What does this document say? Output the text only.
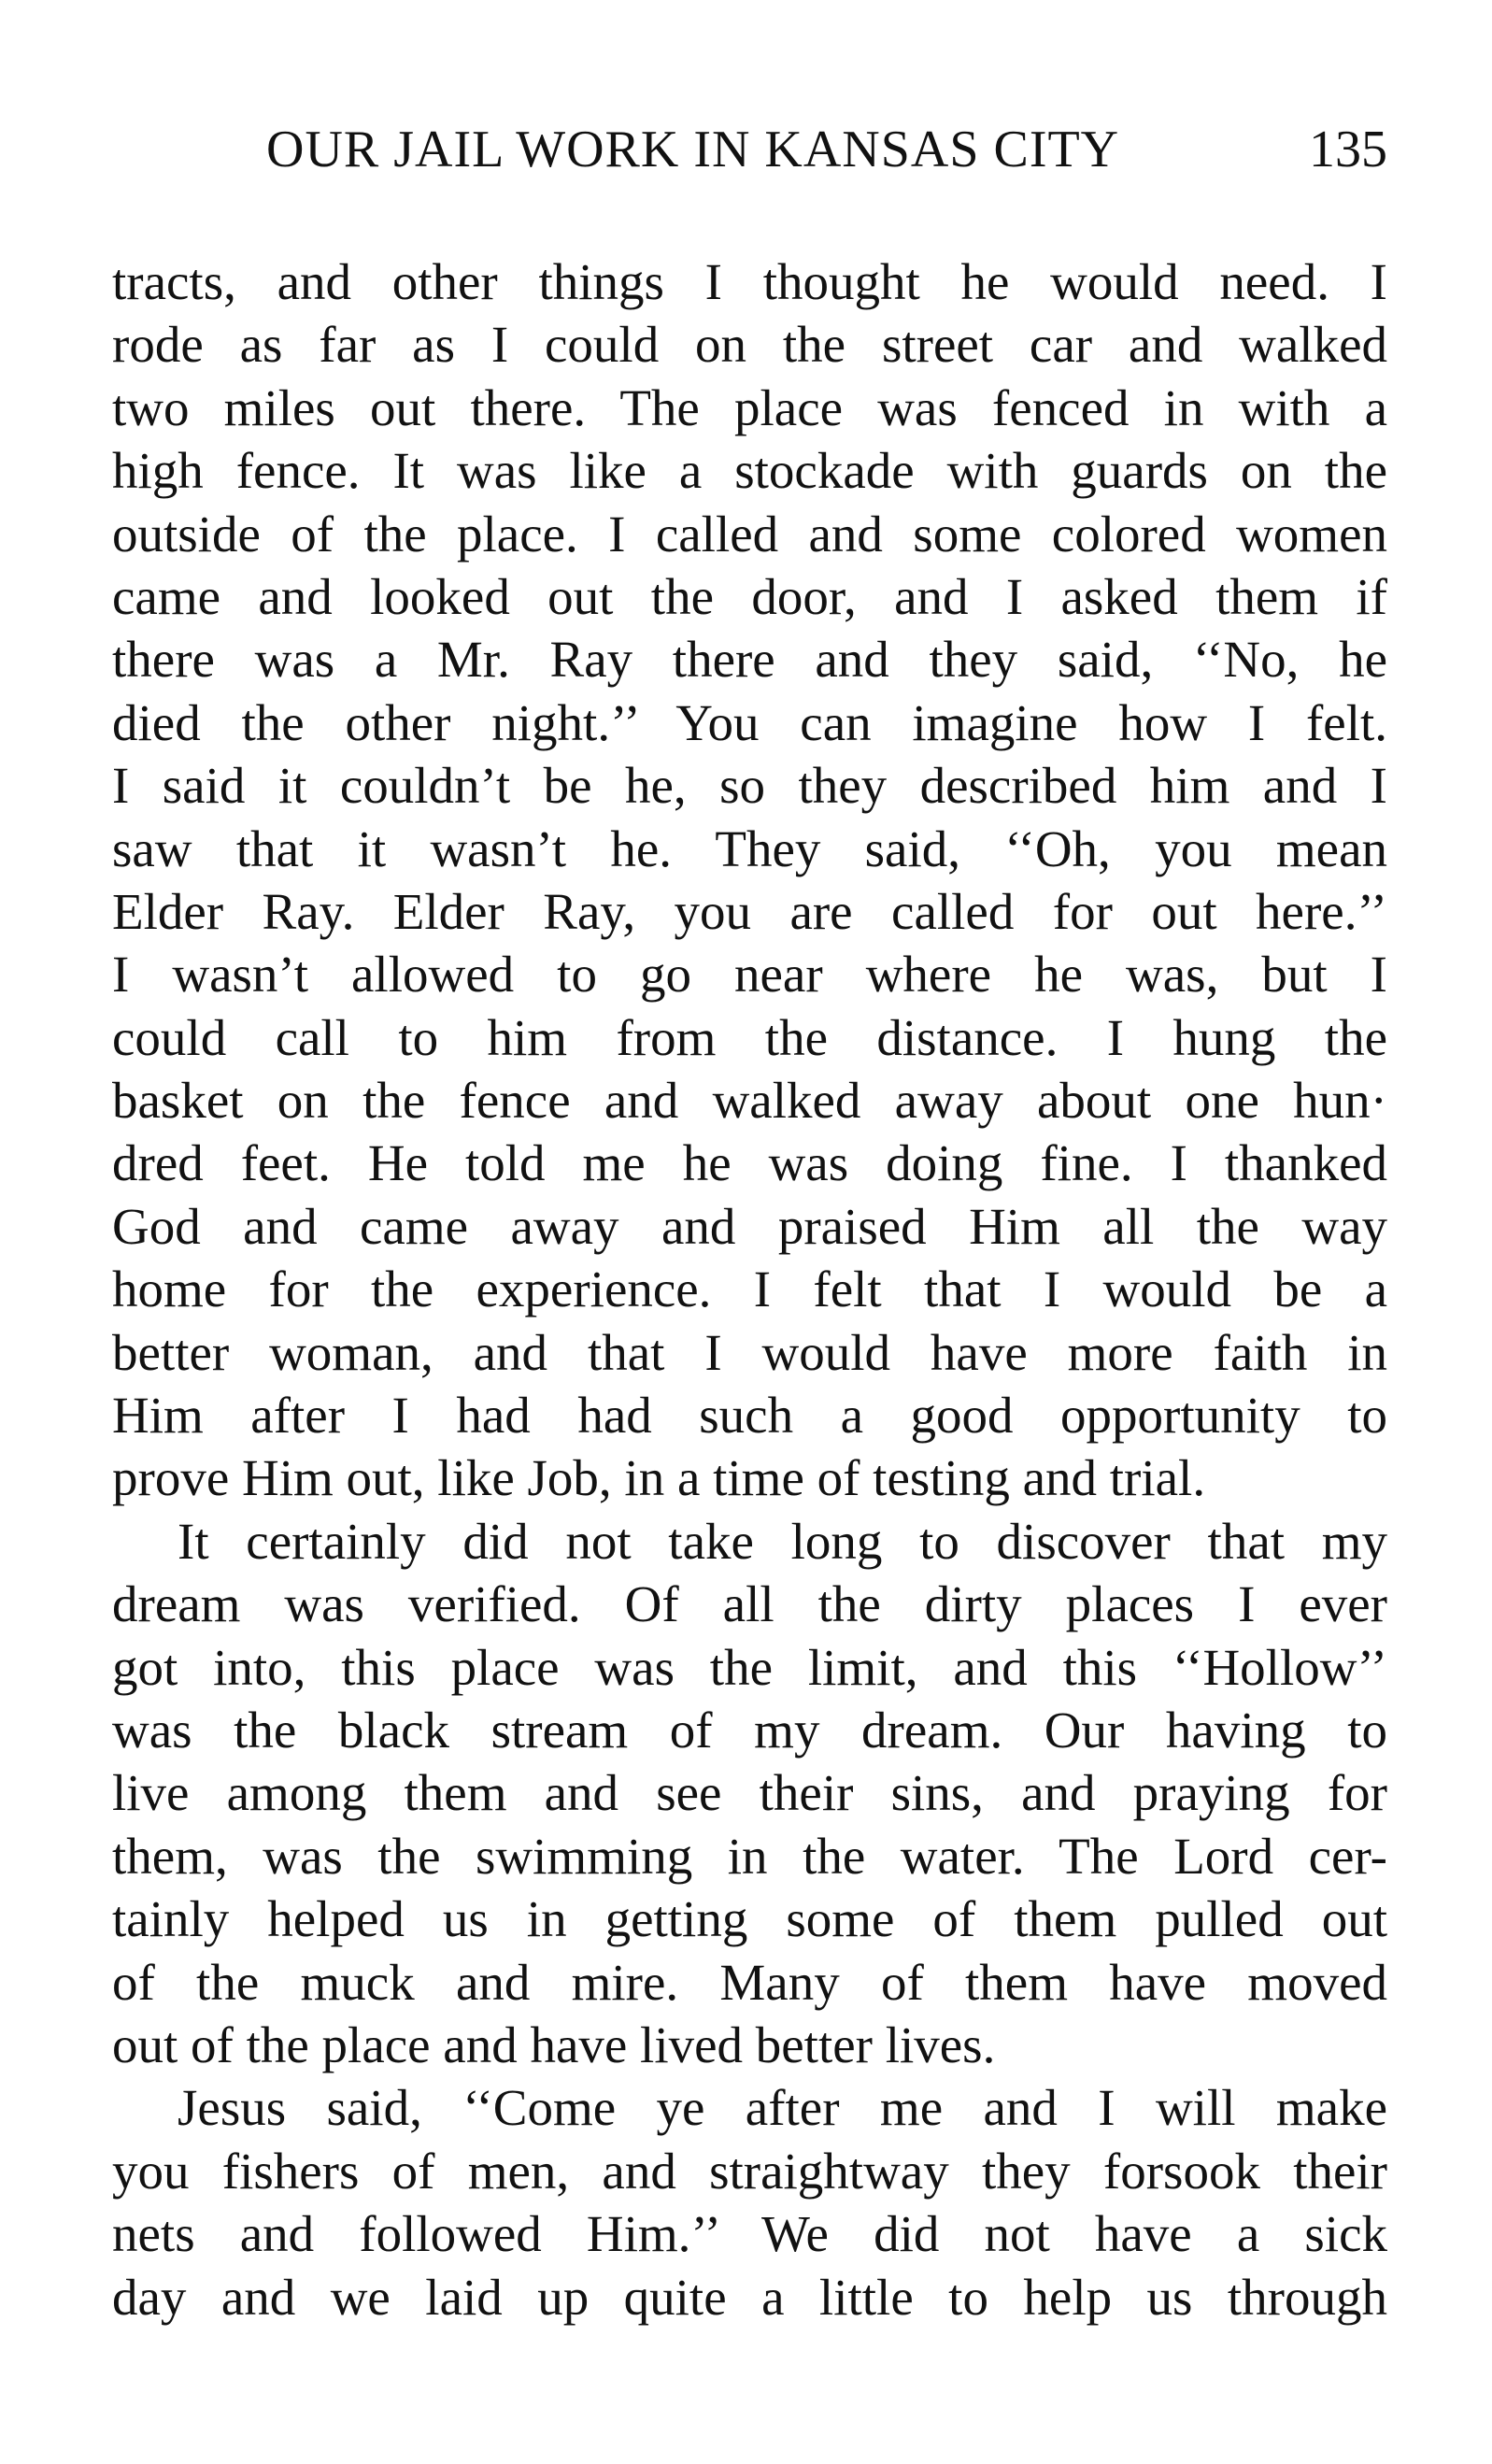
OUR JAIL WORK IN KANSAS CITY	135
tracts, and other things I thought he would need. I
rode as far as I could on the street car and walked
two miles out there. The place was fenced in with a
high fence. It was like a stockade with guards on the
outside of the place. I called and some colored women
came and looked out the door, and I asked them if
there was a Mr. Ray there and they said, ‘‘No, he
died the other night.’’ You can imagine how I felt.
I said it couldn’t be he, so they described him and I
saw that it wasn’t he. They said, ‘‘Oh, you mean
Elder Ray. Elder Ray, you are called for out here.’’
I wasn’t allowed to go near where he was, but I
could call to him from the distance. I hung the
basket on the fence and walked away about one hun·
dred feet. He told me he was doing fine. I thanked
God and came away and praised Him all the way
home for the experience. I felt that I would be a
better woman, and that I would have more faith in
Him after I had had such a good opportunity to
prove Him out, like Job, in a time of testing and trial.
It certainly did not take long to discover that my
dream was verified. Of all the dirty places I ever
got into, this place was the limit, and this ‘‘Hollow’’
was the black stream of my dream. Our having to
live among them and see their sins, and praying for
them, was the swimming in the water. The Lord cer-
tainly helped us in getting some of them pulled out
of the muck and mire. Many of them have moved
out of the place and have lived better lives.
Jesus said, ‘‘Come ye after me and I will make
you fishers of men, and straightway they forsook their
nets and followed Him.’’ We did not have a sick
day and we laid up quite a little to help us through
